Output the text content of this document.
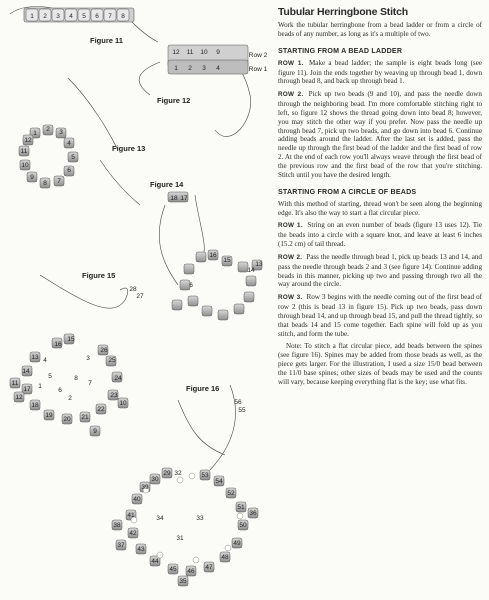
1 2 3 4 5 6 7 8
12 11 10 9
1 2 3 4
Row 2
Row 1
1
2 3
4
5
6
7
8
9
10
11
12
18 17
16
15
14
13
6
28
27
16
15
26
25
24
23
22
21
20
19
18
17
14
13
12
11
10
9
8
7
6
5
4	3
2
1
56
55
30
29 32	53
54
52
51
50
49
48
47
46
45
44
43
42
41
40
39
38
37
36
35
34	33
31
Figure 11
Figure 12
Figure 13
Figure 14
Figure 15
Figure 16
Tubular Herringbone Stitch

Work the tubular herringbone from a bead ladder or from a circle of beads of any number, as long as it's a multiple of two.

STARTING FROM A BEAD LADDER

ROW 1. Make a bead ladder; the sample is eight beads long (see figure 11). Join the ends together by weaving up through bead 1, down through bead 8, and back up through bead 1.

ROW 2. Pick up two beads (9 and 10), and pass the needle down through the neighboring bead. I'm more comfortable stitching right to left, so figure 12 shows the thread going down into bead 8; however, you may stitch the other way if you prefer. Now pass the needle up through bead 7, pick up two beads, and go down into bead 6. Continue adding beads around the ladder. After the last set is added, pass the needle up through the first bead of the ladder and the first bead of row 2. At the end of each row you'll always weave through the first bead of the previous row and the first bead of the row that you're stitching. Stitch until you have the desired length.

STARTING FROM A CIRCLE OF BEADS

With this method of starting, thread won't be seen along the beginning edge. It's also the way to start a flat circular piece.

ROW 1. String on an even number of beads (figure 13 uses 12). Tie the beads into a circle with a square knot, and leave at least 6 inches (15.2 cm) of tail thread.

ROW 2. Pass the needle through bead 1, pick up beads 13 and 14, and pass the needle through beads 2 and 3 (see figure 14). Continue adding beads in this manner, picking up two and passing through two all the way around the circle.

ROW 3. Row 3 begins with the needle coming out of the first bead of row 2 (this is bead 13 in figure 15). Pick up two beads, pass down through bead 14, and up through bead 15, and pull the thread tightly, so that beads 14 and 15 come together. Each spine will fold up as you stitch, and form the tube.

Note: To stitch a flat circular piece, add beads between the spines (see figure 16). Spines may be added from those beads as well, as the piece gets larger. For the illustration, I used a size 15/0 bead between the 11/0 base spines; other sizes of beads may be used and the counts will vary, because keeping everything flat is the key; use what fits.
